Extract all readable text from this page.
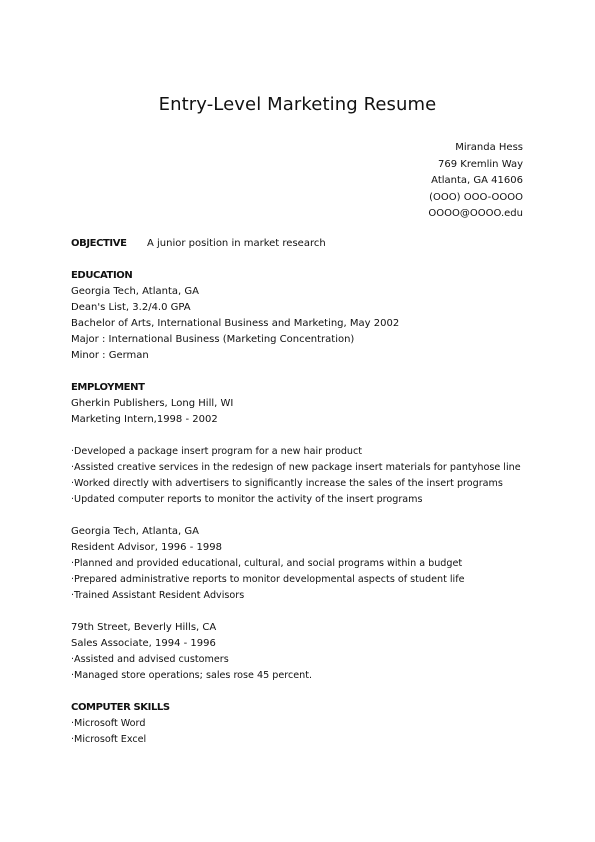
Entry-Level Marketing Resume
Miranda Hess
769 Kremlin Way
Atlanta, GA 41606
(OOO) OOO-OOOO
OOOO@OOOO.edu
OBJECTIVE A junior position in market research
EDUCATION
Georgia Tech, Atlanta, GA
Dean's List, 3.2/4.0 GPA
Bachelor of Arts, International Business and Marketing, May 2002
Major : International Business (Marketing Concentration)
Minor : German
EMPLOYMENT
Gherkin Publishers, Long Hill, WI
Marketing Intern,1998 - 2002
·Developed a package insert program for a new hair product
·Assisted creative services in the redesign of new package insert materials for pantyhose line
·Worked directly with advertisers to significantly increase the sales of the insert programs
·Updated computer reports to monitor the activity of the insert programs
Georgia Tech, Atlanta, GA
Resident Advisor, 1996 - 1998
·Planned and provided educational, cultural, and social programs within a budget
·Prepared administrative reports to monitor developmental aspects of student life
·Trained Assistant Resident Advisors
79th Street, Beverly Hills, CA
Sales Associate, 1994 - 1996
·Assisted and advised customers
·Managed store operations; sales rose 45 percent.
COMPUTER SKILLS
·Microsoft Word
·Microsoft Excel
